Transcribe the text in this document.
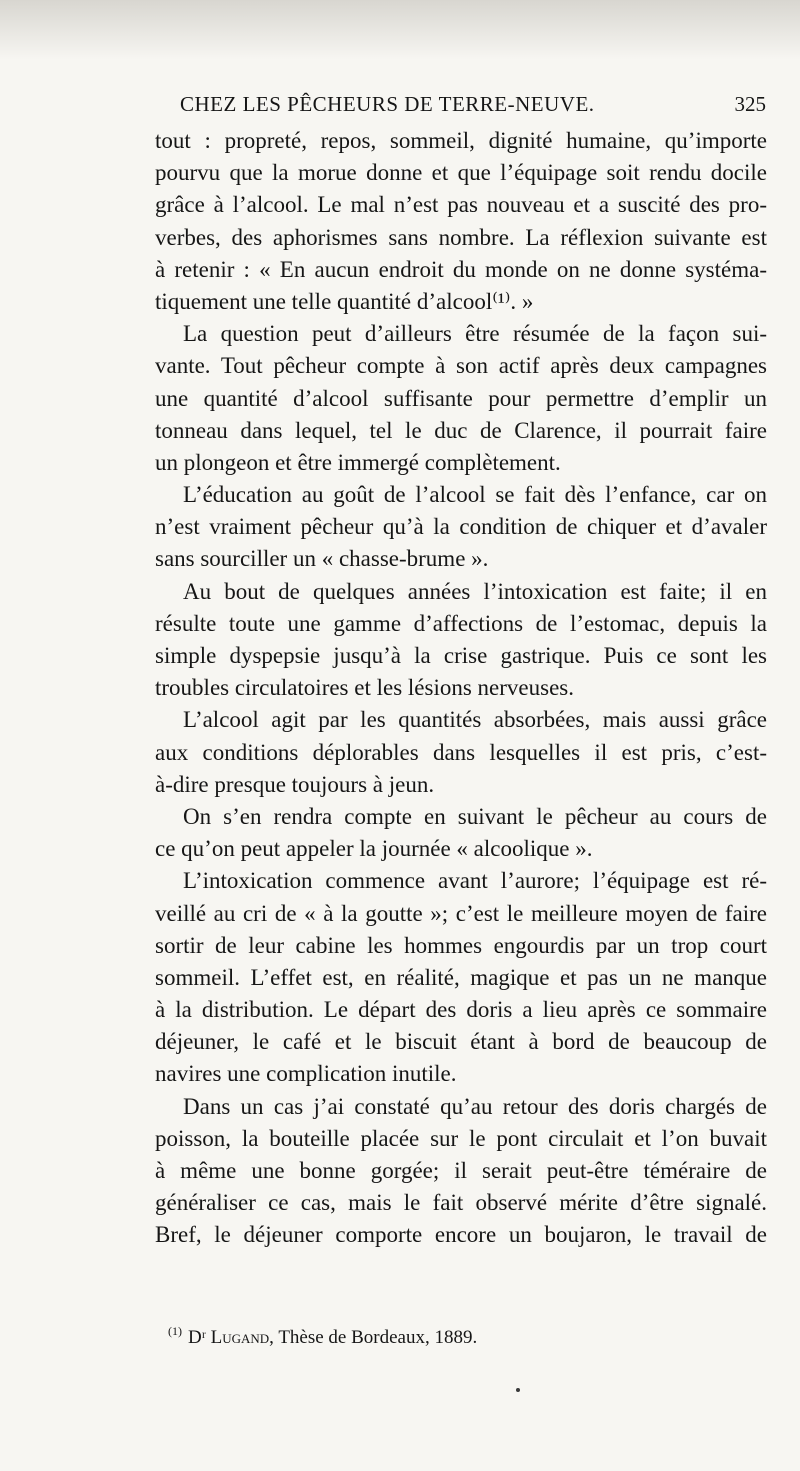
CHEZ LES PÊCHEURS DE TERRE-NEUVE.	325
tout : propreté, repos, sommeil, dignité humaine, qu’importe
pourvu que la morue donne et que l’équipage soit rendu docile
grâce à l’alcool. Le mal n’est pas nouveau et a suscité des pro-
verbes, des aphorismes sans nombre. La réflexion suivante est
à retenir : « En aucun endroit du monde on ne donne systéma-
tiquement une telle quantité d’alcool⁽¹⁾. »
La question peut d’ailleurs être résumée de la façon sui-
vante. Tout pêcheur compte à son actif après deux campagnes
une quantité d’alcool suffisante pour permettre d’emplir un
tonneau dans lequel, tel le duc de Clarence, il pourrait faire
un plongeon et être immergé complètement.
L’éducation au goût de l’alcool se fait dès l’enfance, car on
n’est vraiment pêcheur qu’à la condition de chiquer et d’avaler
sans sourciller un « chasse-brume ».
Au bout de quelques années l’intoxication est faite; il en
résulte toute une gamme d’affections de l’estomac, depuis la
simple dyspepsie jusqu’à la crise gastrique. Puis ce sont les
troubles circulatoires et les lésions nerveuses.
L’alcool agit par les quantités absorbées, mais aussi grâce
aux conditions déplorables dans lesquelles il est pris, c’est-
à-dire presque toujours à jeun.
On s’en rendra compte en suivant le pêcheur au cours de
ce qu’on peut appeler la journée « alcoolique ».
L’intoxication commence avant l’aurore; l’équipage est ré-
veillé au cri de « à la goutte »; c’est le meilleure moyen de faire
sortir de leur cabine les hommes engourdis par un trop court
sommeil. L’effet est, en réalité, magique et pas un ne manque
à la distribution. Le départ des doris a lieu après ce sommaire
déjeuner, le café et le biscuit étant à bord de beaucoup de
navires une complication inutile.
Dans un cas j’ai constaté qu’au retour des doris chargés de
poisson, la bouteille placée sur le pont circulait et l’on buvait
à même une bonne gorgée; il serait peut-être téméraire de
généraliser ce cas, mais le fait observé mérite d’être signalé.
Bref, le déjeuner comporte encore un boujaron, le travail de
$^{(1)}$ Dʳ Lugand, Thèse de Bordeaux, 1889.
